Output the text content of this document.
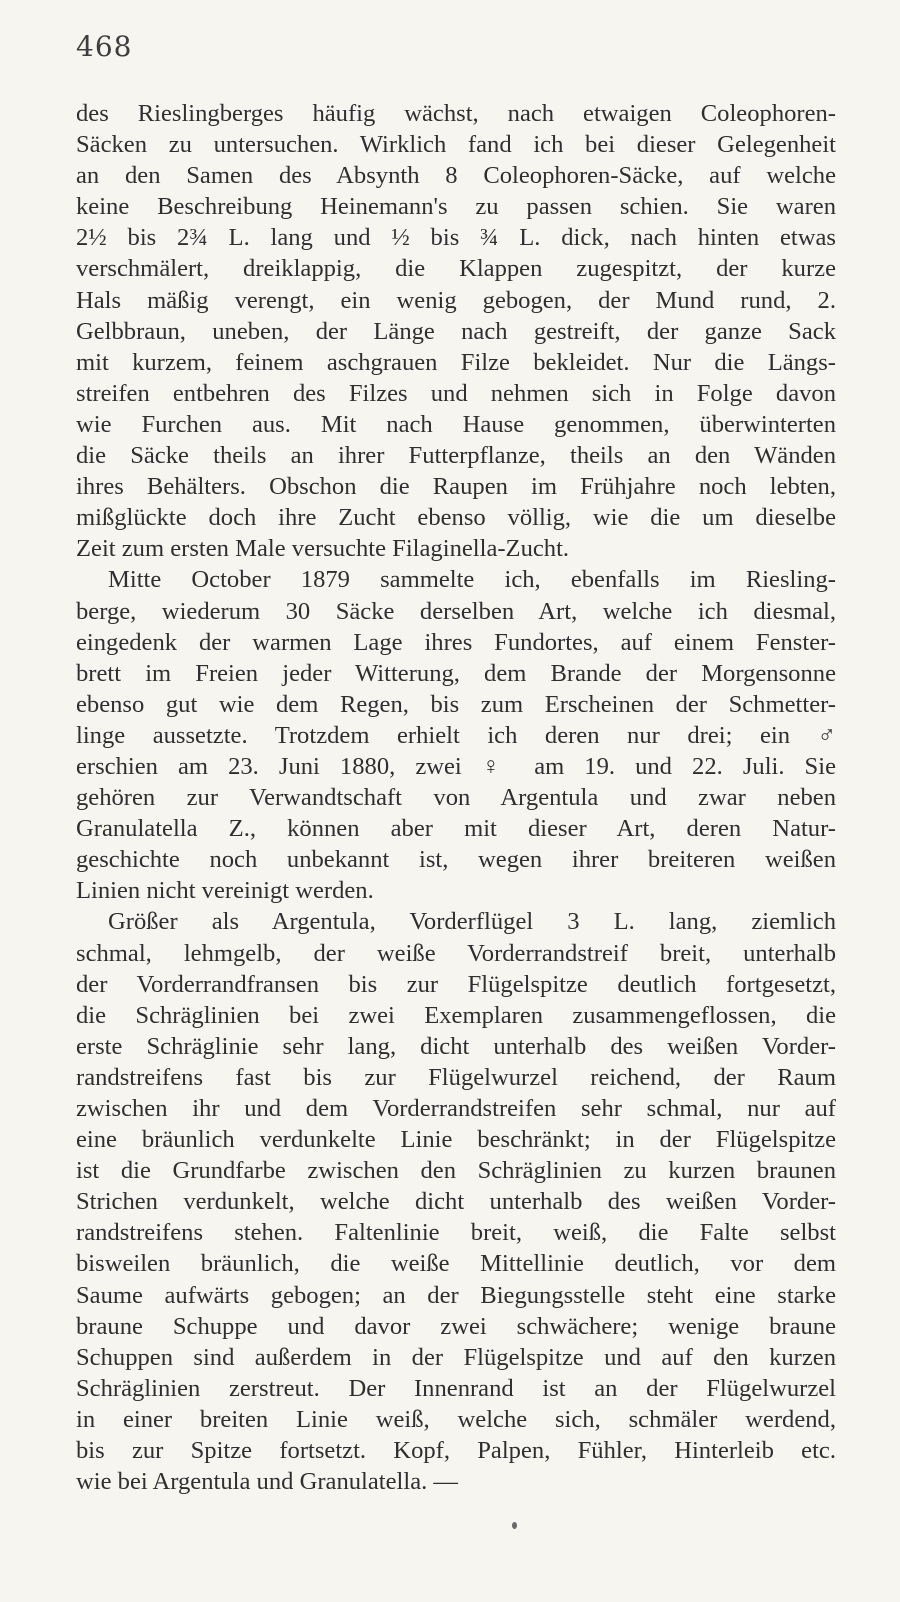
468
des Rieslingberges häufig wächst, nach etwaigen Coleophoren-
Säcken zu untersuchen. Wirklich fand ich bei dieser Gelegenheit
an den Samen des Absynth 8 Coleophoren-Säcke, auf welche
keine Beschreibung Heinemann's zu passen schien. Sie waren
2½ bis 2¾ L. lang und ½ bis ¾ L. dick, nach hinten etwas
verschmälert, dreiklappig, die Klappen zugespitzt, der kurze
Hals mäßig verengt, ein wenig gebogen, der Mund rund, 2.
Gelbbraun, uneben, der Länge nach gestreift, der ganze Sack
mit kurzem, feinem aschgrauen Filze bekleidet. Nur die Längs-
streifen entbehren des Filzes und nehmen sich in Folge davon
wie Furchen aus. Mit nach Hause genommen, überwinterten
die Säcke theils an ihrer Futterpflanze, theils an den Wänden
ihres Behälters. Obschon die Raupen im Frühjahre noch lebten,
mißglückte doch ihre Zucht ebenso völlig, wie die um dieselbe
Zeit zum ersten Male versuchte Filaginella-Zucht.
Mitte October 1879 sammelte ich, ebenfalls im Riesling-
berge, wiederum 30 Säcke derselben Art, welche ich diesmal,
eingedenk der warmen Lage ihres Fundortes, auf einem Fenster-
brett im Freien jeder Witterung, dem Brande der Morgensonne
ebenso gut wie dem Regen, bis zum Erscheinen der Schmetter-
linge aussetzte. Trotzdem erhielt ich deren nur drei; ein ♂
erschien am 23. Juni 1880, zwei ♀ am 19. und 22. Juli. Sie
gehören zur Verwandtschaft von Argentula und zwar neben
Granulatella Z., können aber mit dieser Art, deren Natur-
geschichte noch unbekannt ist, wegen ihrer breiteren weißen
Linien nicht vereinigt werden.
Größer als Argentula, Vorderflügel 3 L. lang, ziemlich
schmal, lehmgelb, der weiße Vorderrandstreif breit, unterhalb
der Vorderrandfransen bis zur Flügelspitze deutlich fortgesetzt,
die Schräglinien bei zwei Exemplaren zusammengeflossen, die
erste Schräglinie sehr lang, dicht unterhalb des weißen Vorder-
randstreifens fast bis zur Flügelwurzel reichend, der Raum
zwischen ihr und dem Vorderrandstreifen sehr schmal, nur auf
eine bräunlich verdunkelte Linie beschränkt; in der Flügelspitze
ist die Grundfarbe zwischen den Schräglinien zu kurzen braunen
Strichen verdunkelt, welche dicht unterhalb des weißen Vorder-
randstreifens stehen. Faltenlinie breit, weiß, die Falte selbst
bisweilen bräunlich, die weiße Mittellinie deutlich, vor dem
Saume aufwärts gebogen; an der Biegungsstelle steht eine starke
braune Schuppe und davor zwei schwächere; wenige braune
Schuppen sind außerdem in der Flügelspitze und auf den kurzen
Schräglinien zerstreut. Der Innenrand ist an der Flügelwurzel
in einer breiten Linie weiß, welche sich, schmäler werdend,
bis zur Spitze fortsetzt. Kopf, Palpen, Fühler, Hinterleib etc.
wie bei Argentula und Granulatella. —
